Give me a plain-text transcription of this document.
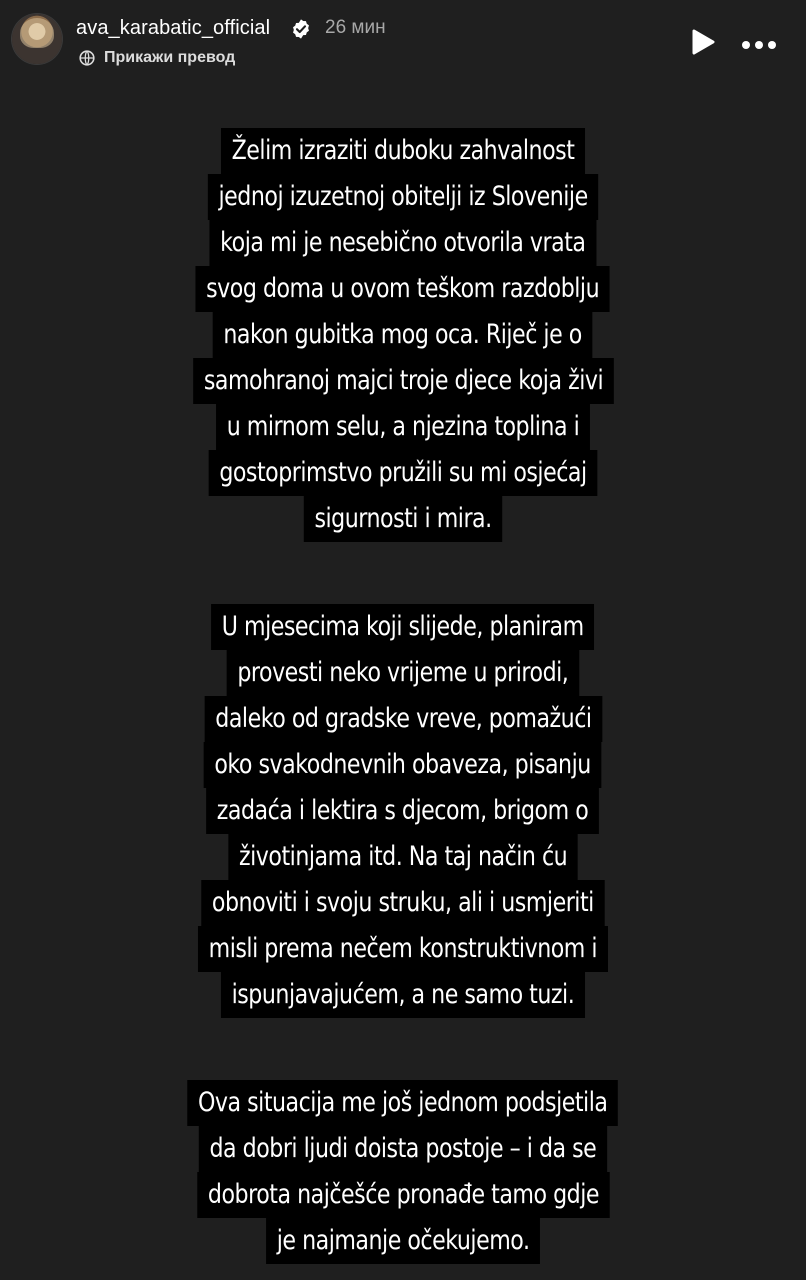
ava_karabatic_official	26 мин
Прикажи превод
Želim izraziti duboku zahvalnost
jednoj izuzetnoj obitelji iz Slovenije
koja mi je nesebično otvorila vrata
svog doma u ovom teškom razdoblju
nakon gubitka mog oca. Riječ je o
samohranoj majci troje djece koja živi
u mirnom selu, a njezina toplina i
gostoprimstvo pružili su mi osjećaj
sigurnosti i mira.
U mjesecima koji slijede, planiram
provesti neko vrijeme u prirodi,
daleko od gradske vreve, pomažući
oko svakodnevnih obaveza, pisanju
zadaća i lektira s djecom, brigom o
životinjama itd. Na taj način ću
obnoviti i svoju struku, ali i usmjeriti
misli prema nečem konstruktivnom i
ispunjavajućem, a ne samo tuzi.
Ova situacija me još jednom podsjetila
da dobri ljudi doista postoje – i da se
dobrota najčešće pronađe tamo gdje
je najmanje očekujemo.
